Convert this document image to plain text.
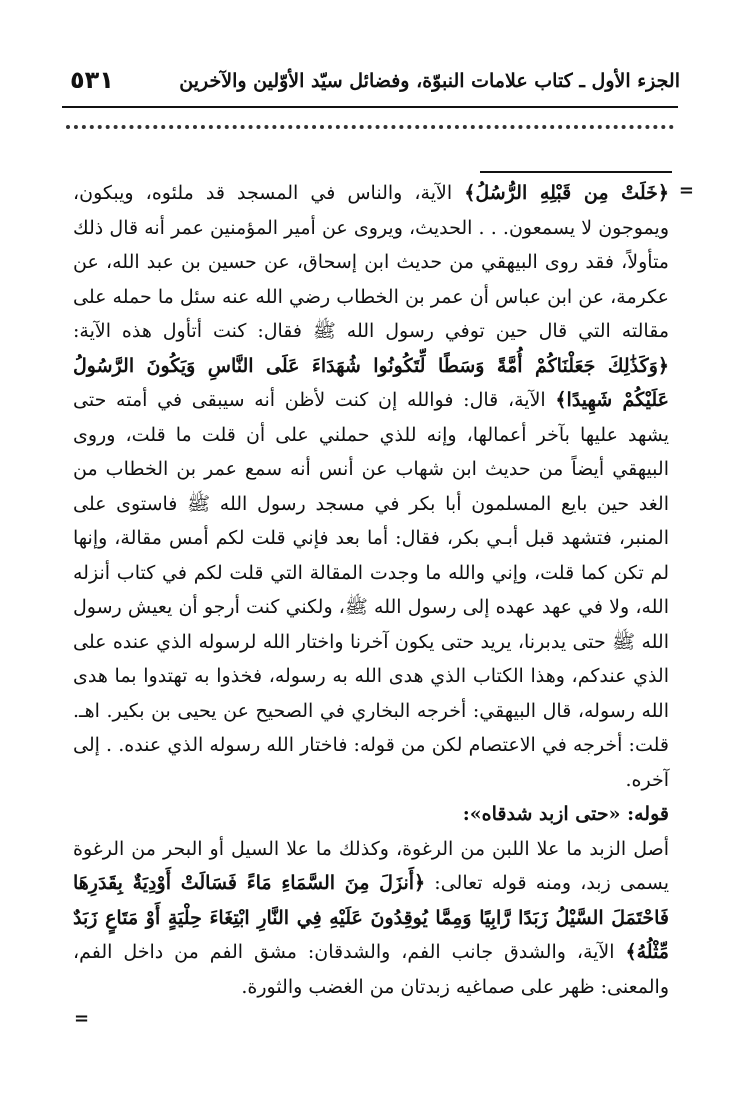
٥٣١	الجزء الأول ـ كتاب علامات النبوّة، وفضائل سيّد الأوّلين والآخرين
=

﴿خَلَتْ مِن قَبْلِهِ الرُّسُلُ﴾ الآية، والناس في المسجد قد ملئوه، ويبكون، ويموجون لا يسمعون. . . الحديث، ويروى عن أمير المؤمنين عمر أنه قال ذلك متأولاً، فقد روى البيهقي من حديث ابن إسحاق، عن حسين بن عبد الله، عن عكرمة، عن ابن عباس أن عمر بن الخطاب رضي الله عنه سئل ما حمله على مقالته التي قال حين توفي رسول الله ﷺ فقال: كنت أتأول هذه الآية: ﴿وَكَذَٰلِكَ جَعَلْنَاكُمْ أُمَّةً وَسَطًا لِّتَكُونُوا شُهَدَاءَ عَلَى النَّاسِ وَيَكُونَ الرَّسُولُ عَلَيْكُمْ شَهِيدًا﴾ الآية، قال: فوالله إن كنت لأظن أنه سيبقى في أمته حتى يشهد عليها بآخر أعمالها، وإنه للذي حملني على أن قلت ما قلت، وروى البيهقي أيضاً من حديث ابن شهاب عن أنس أنه سمع عمر بن الخطاب من الغد حين بايع المسلمون أبا بكر في مسجد رسول الله ﷺ فاستوى على المنبر، فتشهد قبل أبـي بكر، فقال: أما بعد فإني قلت لكم أمس مقالة، وإنها لم تكن كما قلت، وإني والله ما وجدت المقالة التي قلت لكم في كتاب أنزله الله، ولا في عهد عهده إلى رسول الله ﷺ، ولكني كنت أرجو أن يعيش رسول الله ﷺ حتى يدبرنا، يريد حتى يكون آخرنا واختار الله لرسوله الذي عنده على الذي عندكم، وهذا الكتاب الذي هدى الله به رسوله، فخذوا به تهتدوا بما هدى الله رسوله، قال البيهقي: أخرجه البخاري في الصحيح عن يحيى بن بكير. اهـ. قلت: أخرجه في الاعتصام لكن من قوله: فاختار الله رسوله الذي عنده. . إلى آخره.

قوله: «حتى ازبد شدقاه»:

أصل الزبد ما علا اللبن من الرغوة، وكذلك ما علا السيل أو البحر من الرغوة يسمى زبد، ومنه قوله تعالى: ﴿أَنزَلَ مِنَ السَّمَاءِ مَاءً فَسَالَتْ أَوْدِيَةٌ بِقَدَرِهَا فَاحْتَمَلَ السَّيْلُ زَبَدًا رَّابِيًا وَمِمَّا يُوقِدُونَ عَلَيْهِ فِي النَّارِ ابْتِغَاءَ حِلْيَةٍ أَوْ مَتَاعٍ زَبَدٌ مِّثْلُهُ﴾ الآية، والشدق جانب الفم، والشدقان: مشق الفم من داخل الفم، والمعنى: ظهر على صماغيه زبدتان من الغضب والثورة.

=
